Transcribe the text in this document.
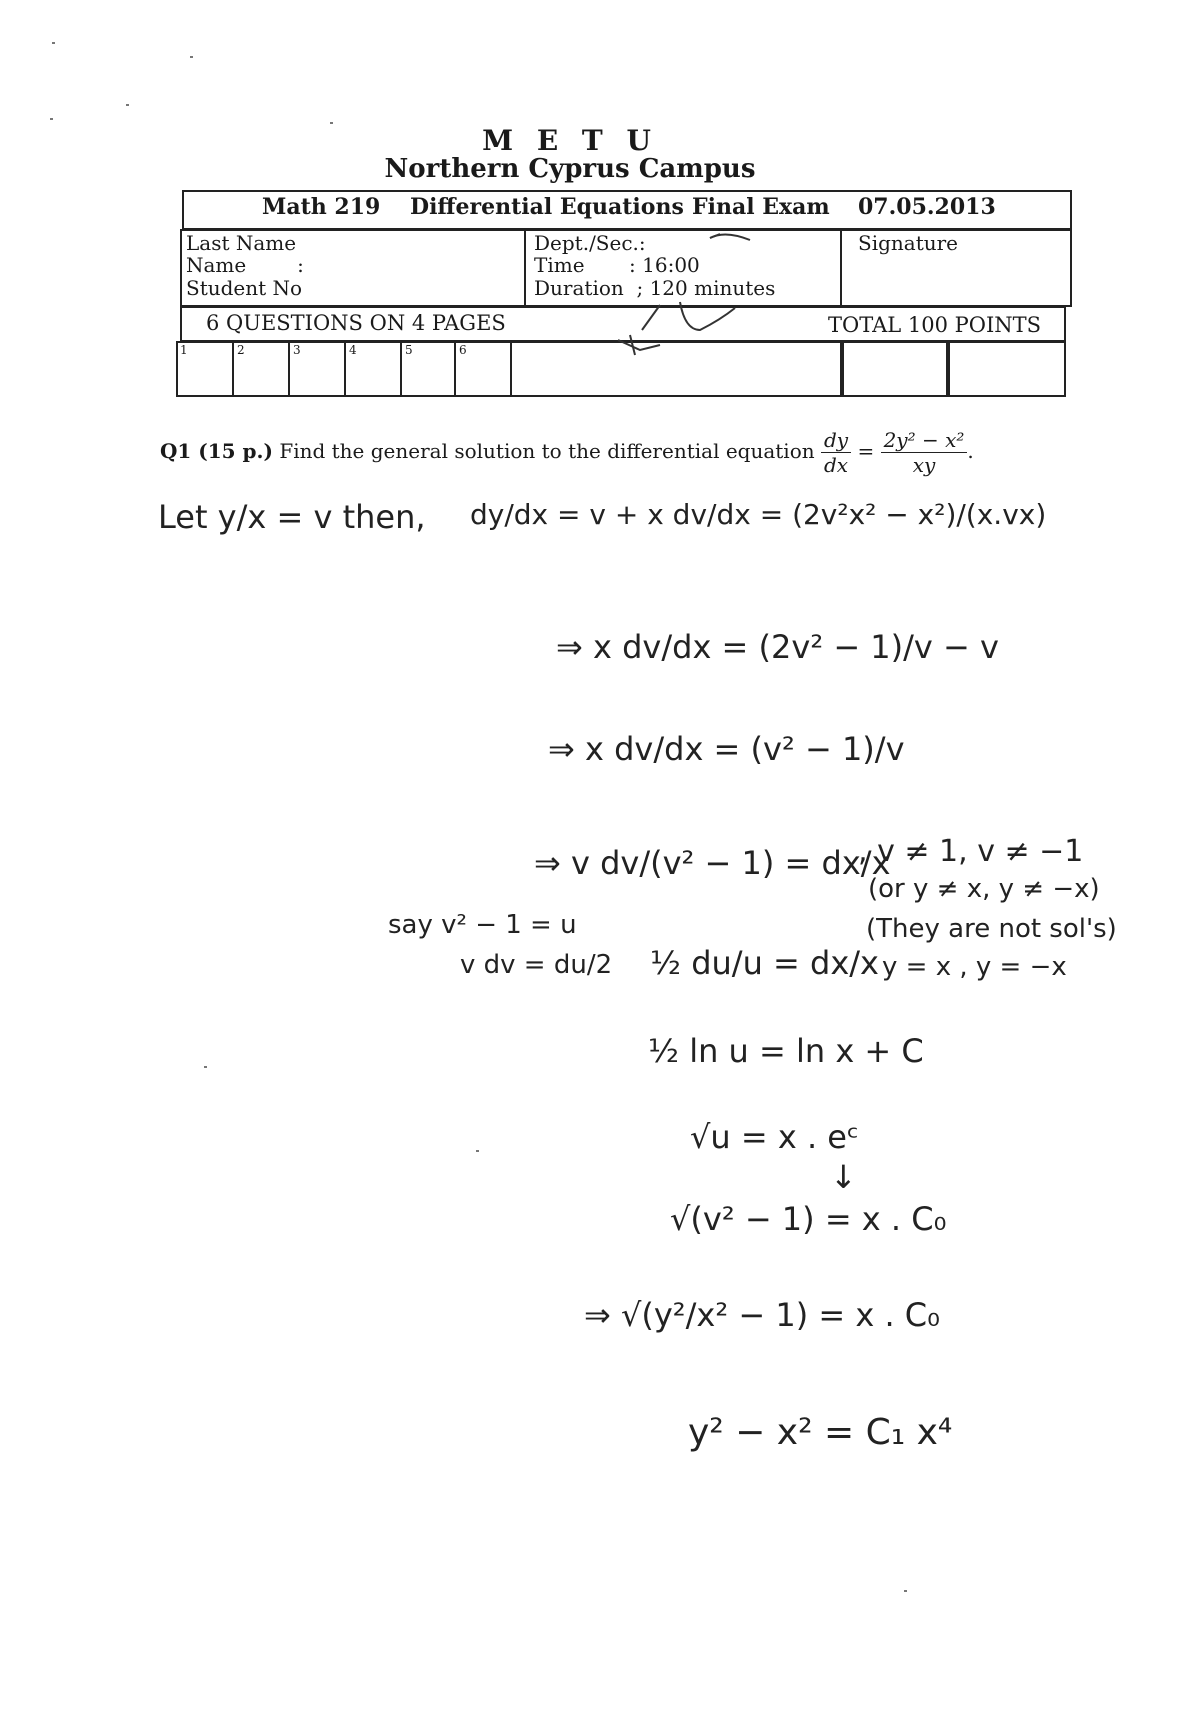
M E T U
Northern Cyprus Campus
Math 219 Differential Equations Final Exam 07.05.2013
Last Name
Name        :
Student No
Dept./Sec.:
Time       : 16:00
Duration  ; 120 minutes
Signature
6 QUESTIONS ON 4 PAGES	TOTAL 100 POINTS
1	2	3	4	5	6
Q1 (15 p.) Find the general solution to the differential equation $\frac{dy}{dx} = \frac{\text{2y² − x²}}{xy}$ .
Let y/x = v then, dy/dx = v + x dv/dx = (2v²x² − x²)/(x.vx)
⇒ x dv/dx = (2v² − 1)/v − v
⇒ x dv/dx = (v² − 1)/v
⇒ v dv/(v² − 1) = dx/x
, v ≠ 1, v ≠ −1
(or y ≠ x, y ≠ −x)
(They are not sol's)
y = x , y = −x
say v² − 1 = u
v dv = du/2 ½ du/u = dx/x
½ ln u = ln x + C
√u = x . eᶜ
↓
√(v² − 1) = x . C₀
⇒ √(y²/x² − 1) = x . C₀
y² − x² = C₁ x⁴
